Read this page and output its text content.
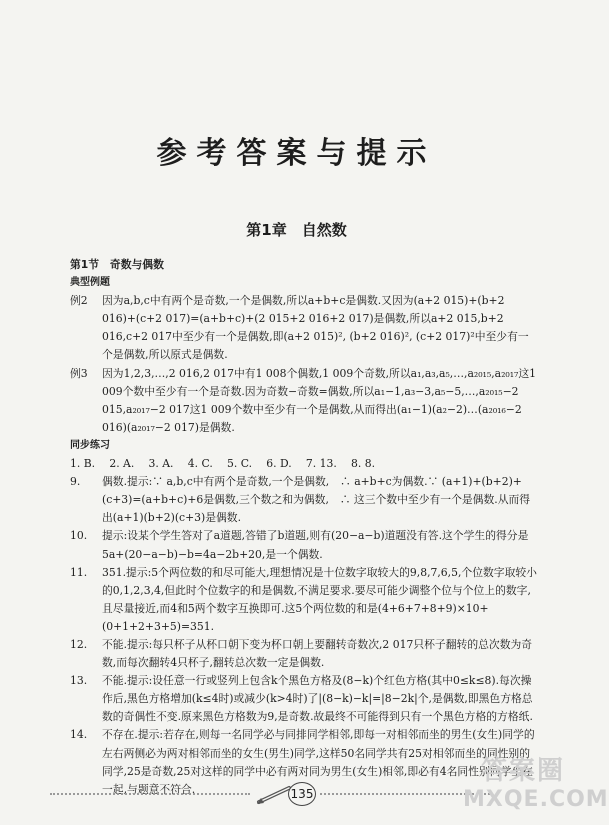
参考答案与提示
第1章　自然数

第1节　奇数与偶数

典型例题

例2	因为a,b,c中有两个是奇数,一个是偶数,所以a+b+c是偶数.又因为(a+2 015)+(b+2 016)+(c+2 017)=(a+b+c)+(2 015+2 016+2 017)是偶数,所以a+2 015,b+2 016,c+2 017中至少有一个是偶数,即(a+2 015)², (b+2 016)², (c+2 017)²中至少有一个是偶数,所以原式是偶数.
例3	因为1,2,3,…,2 016,2 017中有1 008个偶数,1 009个奇数,所以a₁,a₃,a₅,…,a₂₀₁₅,a₂₀₁₇这1 009个数中至少有一个是奇数.因为奇数−奇数=偶数,所以a₁−1,a₃−3,a₅−5,…,a₂₀₁₅−2 015,a₂₀₁₇−2 017这1 009个数中至少有一个是偶数,从而得出(a₁−1)(a₂−2)…(a₂₀₁₆−2 016)(a₂₀₁₇−2 017)是偶数.

同步练习

1. B.　 2. A.　 3. A.　 4. C.　 5. C.　 6. D.　 7. 13.　 8. 8.

9.	偶数.提示:∵ a,b,c中有两个是奇数,一个是偶数,　∴ a+b+c为偶数.∵ (a+1)+(b+2)+(c+3)=(a+b+c)+6是偶数,三个数之和为偶数,　∴ 这三个数中至少有一个是偶数.从而得出(a+1)(b+2)(c+3)是偶数.
10.	提示:设某个学生答对了a道题,答错了b道题,则有(20−a−b)道题没有答.这个学生的得分是5a+(20−a−b)−b=4a−2b+20,是一个偶数.
11.	351.提示:5个两位数的和尽可能大,理想情况是十位数字取较大的9,8,7,6,5,个位数字取较小的0,1,2,3,4,但此时个位数字的和是偶数,不满足要求.要尽可能少调整个位与个位上的数字,且尽量接近,而4和5两个数字互换即可.这5个两位数的和是(4+6+7+8+9)×10+(0+1+2+3+5)=351.
12.	不能.提示:每只杯子从杯口朝下变为杯口朝上要翻转奇数次,2 017只杯子翻转的总次数为奇数,而每次翻转4只杯子,翻转总次数一定是偶数.
13.	不能.提示:设任意一行或竖列上包含k个黑色方格及(8−k)个红色方格(其中0≤k≤8).每次操作后,黑色方格增加(k≤4时)或减少(k>4时)了|(8−k)−k|=|8−2k|个,是偶数,即黑色方格总数的奇偶性不变.原来黑色方格数为9,是奇数.故最终不可能得到只有一个黑色方格的方格纸.
14.	不存在.提示:若存在,则每一名同学必与同排同学相邻,即每一对相邻而坐的男生(女生)同学的左右两侧必为两对相邻而坐的女生(男生)同学,这样50名同学共有25对相邻而坐的同性别的同学,25是奇数,25对这样的同学中必有两对同为男生(女生)相邻,即必有4名同性别同学坐在一起,与题意不符合.	135
答案圈
MXQE.COM
